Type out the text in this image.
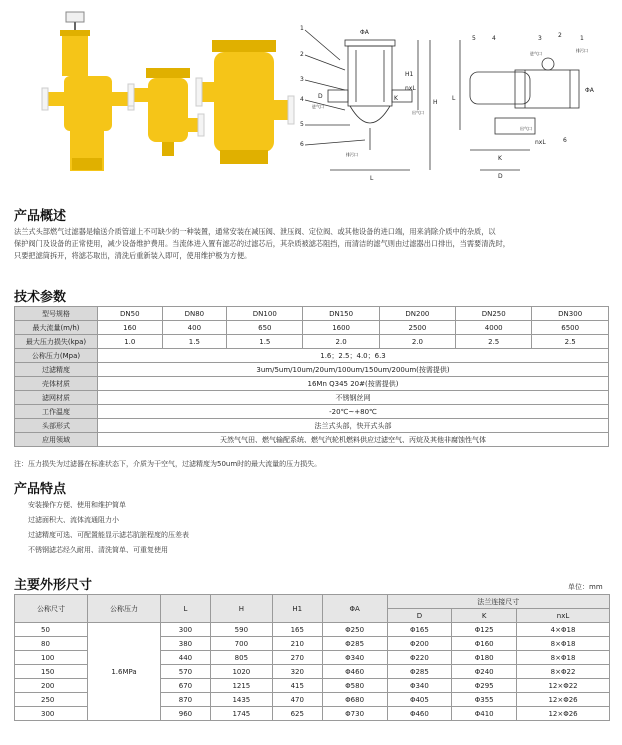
1
2
3
4
5
6
H1
H
L
D
ΦA
nxL
进气口
出气口
排污口
K
5	4	3	2	1
6
L
ΦA
K
D
nxL
进气口
出气口
排污口
产品概述
法兰式头部燃气过滤器是输送介质管道上不可缺少的一种装置，通常安装在减压阀、泄压阀、定位阀、或其他设备的进口端，用来消除介质中的杂质，以
保护阀门及设备的正常使用，减少设备维护费用。当流体进入置有滤芯的过滤芯后，其杂质被滤芯阻挡，而清洁的滤气则由过滤器出口排出，当需要清洗时，
只要把滤筒拆开，将滤芯取出，清洗后重新装入即可，使用维护极为方便。
技术参数
型号规格	DN50	DN80	DN100	DN150	DN200	DN250	DN300
最大流量(m/h)	160	400	650	1600	2500	4000	6500
最大压力损失(kpa)	1.0	1.5	1.5	2.0	2.0	2.5	2.5
公称压力(Mpa)	1.6；2.5；4.0；6.3						
过滤精度	3um/5um/10um/20um/100um/150um/200um(按需提供)						
壳体材质	16Mn Q345 20#(按需提供)						
滤网材质	不锈钢丝网						
工作温度	-20℃~+80℃						
头部形式	法兰式头部，快开式头部						
应用领域	天然气气田、燃气输配系统、燃气汽轮机燃料供应过滤空气、丙烷及其他非腐蚀性气体						
注：压力损失为过滤器在标准状态下，介质为干空气，过滤精度为50um时的最大流量的压力损失。
产品特点
安装操作方便、使用和维护简单
过滤面积大、流体流通阻力小
过滤精度可选、可配置能显示滤芯肮脏程度的压差表
不锈钢滤芯经久耐用、清洗简单、可重复使用
主要外形尺寸	单位：mm
公称尺寸	公称压力	L	H	H1	ΦA	法兰连接尺寸		
						D	K	nxL
50	1.6MPa	300	590	165	Φ250	Φ165	Φ125	4×Φ18
80		380	700	210	Φ285	Φ200	Φ160	8×Φ18
100		440	805	270	Φ340	Φ220	Φ180	8×Φ18
150		570	1020	320	Φ460	Φ285	Φ240	8×Φ22
200		670	1215	415	Φ580	Φ340	Φ295	12×Φ22
250		870	1435	470	Φ680	Φ405	Φ355	12×Φ26
300		960	1745	625	Φ730	Φ460	Φ410	12×Φ26
